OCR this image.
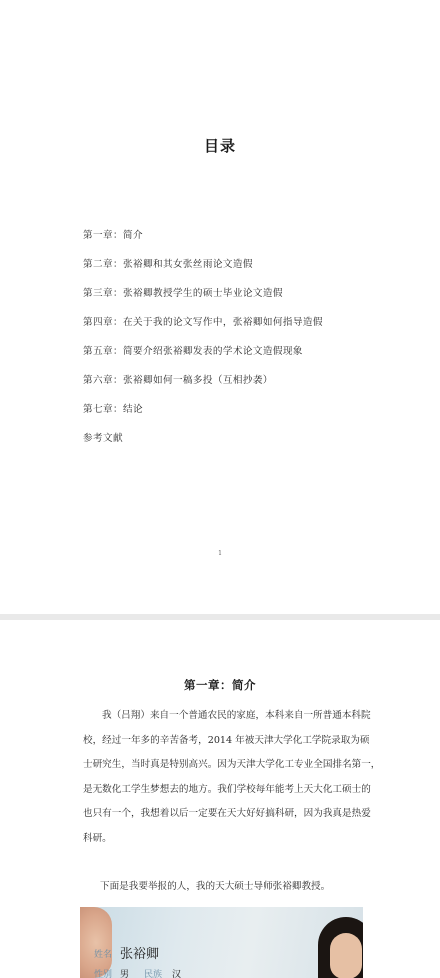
目录
第一章：简介
第二章：张裕卿和其女张丝雨论文造假
第三章：张裕卿教授学生的硕士毕业论文造假
第四章：在关于我的论文写作中，张裕卿如何指导造假
第五章：简要介绍张裕卿发表的学术论文造假现象
第六章：张裕卿如何一稿多投（互相抄袭）
第七章：结论
参考文献
1
第一章：简介
我（吕翔）来自一个普通农民的家庭，本科来自一所普通本科院
校，经过一年多的辛苦备考，2014 年被天津大学化工学院录取为硕
士研究生，当时真是特别高兴。因为天津大学化工专业全国排名第一，
是无数化工学生梦想去的地方。我们学校每年能考上天大化工硕士的
也只有一个，我想着以后一定要在天大好好搞科研，因为我真是热爱
科研。
下面是我要举报的人，我的天大硕士导师张裕卿教授。
姓名 张裕卿
性别 男 民族 汉
